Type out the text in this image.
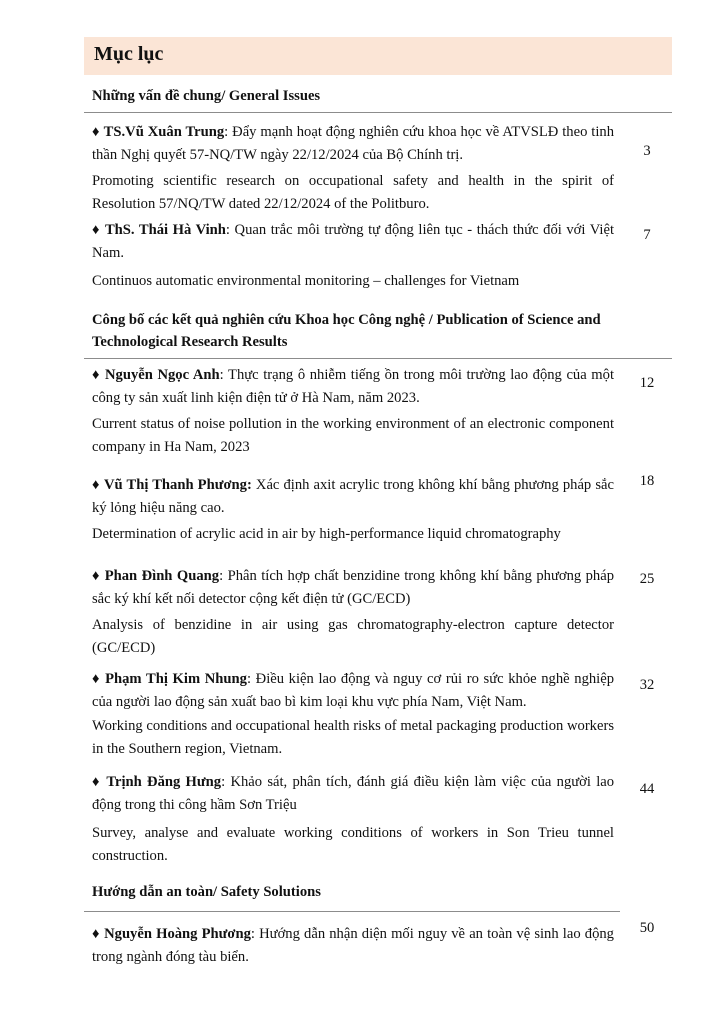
Mục lục
Những vấn đề chung/ General Issues
♦ TS.Vũ Xuân Trung: Đẩy mạnh hoạt động nghiên cứu khoa học về ATVSLĐ theo tinh thần Nghị quyết 57-NQ/TW ngày 22/12/2024 của Bộ Chính trị.
Promoting scientific research on occupational safety and health in the spirit of Resolution 57/NQ/TW dated 22/12/2024 of the Politburo.
3
♦ ThS. Thái Hà Vinh: Quan trắc môi trường tự động liên tục - thách thức đối với Việt Nam.
Continuos automatic environmental monitoring – challenges for Vietnam
7
Công bố các kết quả nghiên cứu Khoa học Công nghệ / Publication of Science and Technological Research Results
♦ Nguyễn Ngọc Anh: Thực trạng ô nhiễm tiếng ồn trong môi trường lao động của một công ty sản xuất linh kiện điện tử ở Hà Nam, năm 2023.
Current status of noise pollution in the working environment of an electronic component company in Ha Nam, 2023
12
♦ Vũ Thị Thanh Phương: Xác định axit acrylic trong không khí bằng phương pháp sắc ký lỏng hiệu năng cao.
Determination of acrylic acid in air by high-performance liquid chromatography
18
♦ Phan Đình Quang: Phân tích hợp chất benzidine trong không khí bằng phương pháp sắc ký khí kết nối detector cộng kết điện tử (GC/ECD)
Analysis of benzidine in air using gas chromatography-electron capture detector (GC/ECD)
25
♦ Phạm Thị Kim Nhung: Điều kiện lao động và nguy cơ rủi ro sức khỏe nghề nghiệp của người lao động sản xuất bao bì kim loại khu vực phía Nam, Việt Nam.
Working conditions and occupational health risks of metal packaging production workers in the Southern region, Vietnam.
32
♦ Trịnh Đăng Hưng: Khảo sát, phân tích, đánh giá điều kiện làm việc của người lao động trong thi công hầm Sơn Triệu
Survey, analyse and evaluate working conditions of workers in Son Trieu tunnel construction.
44
Hướng dẫn an toàn/ Safety Solutions
♦ Nguyễn Hoàng Phương: Hướng dẫn nhận diện mối nguy về an toàn vệ sinh lao động trong ngành đóng tàu biển.
50
